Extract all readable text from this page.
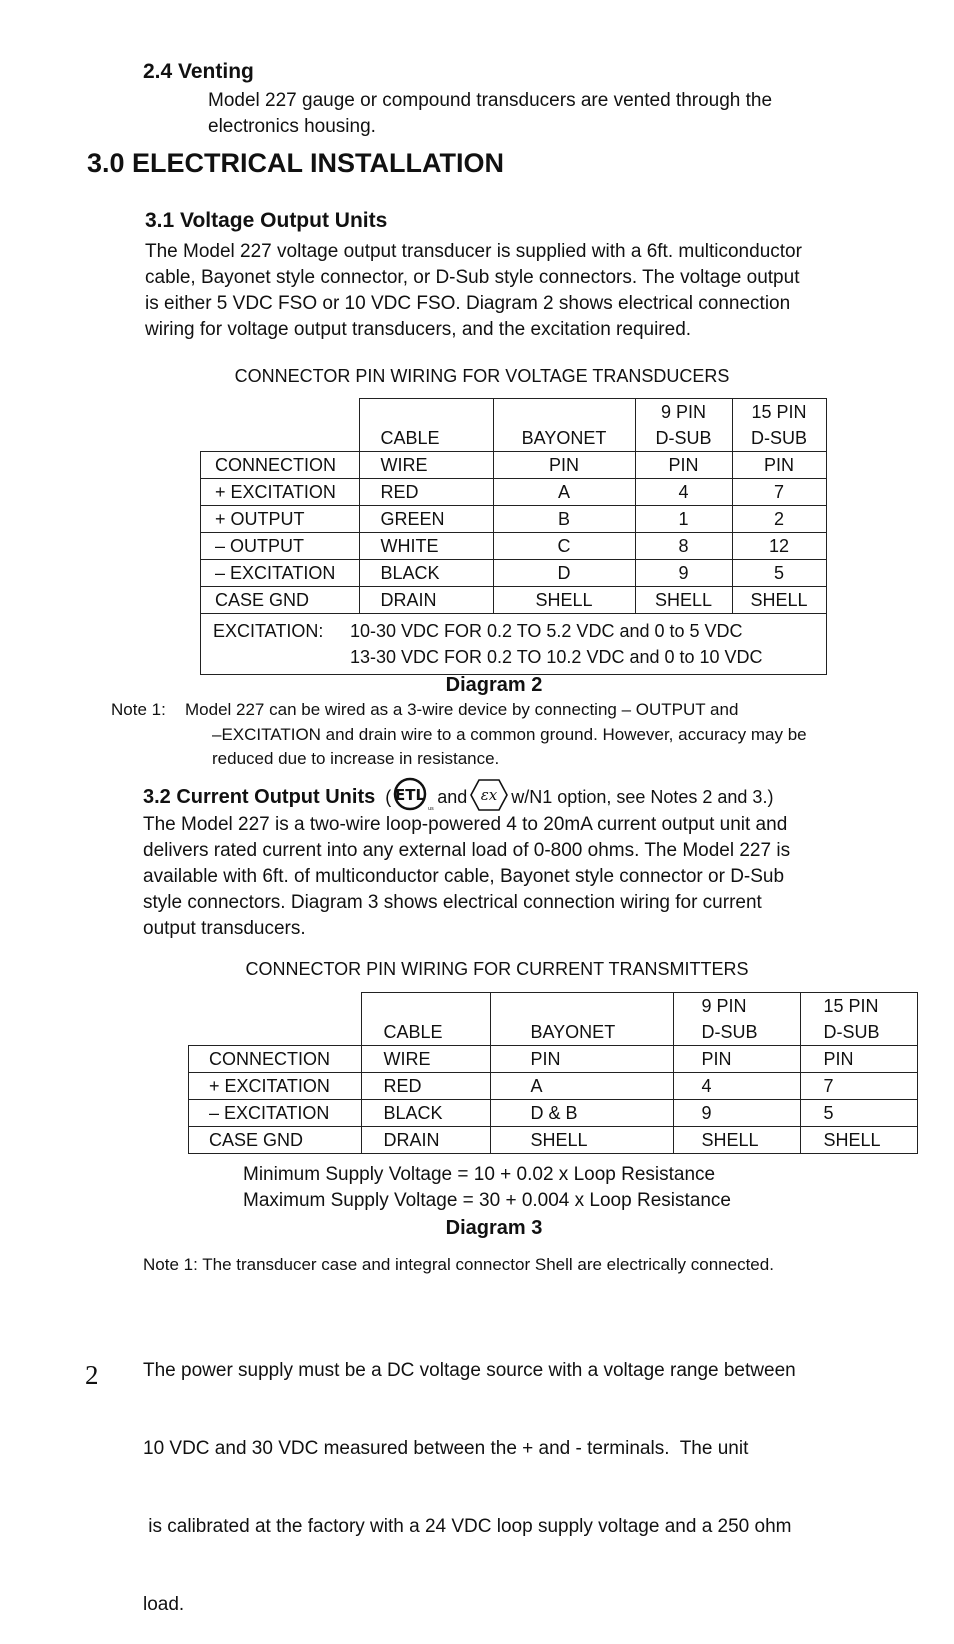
2.4 Venting
Model 227 gauge or compound transducers are vented through the
electronics housing.
3.0 ELECTRICAL INSTALLATION
3.1 Voltage Output Units
The Model 227 voltage output transducer is supplied with a 6ft. multiconductor
cable, Bayonet style connector, or D-Sub style connectors. The voltage output
is either 5 VDC FSO or 10 VDC FSO. Diagram 2 shows electrical connection
wiring for voltage output transducers, and the excitation required.
CONNECTOR PIN WIRING FOR VOLTAGE TRANSDUCERS
			9 PIN	15 PIN
	CABLE	BAYONET	D-SUB	D-SUB
CONNECTION	WIRE	PIN	PIN	PIN
+ EXCITATION	RED	A	4	7
+ OUTPUT	GREEN	B	1	2
– OUTPUT	WHITE	C	8	12
– EXCITATION	BLACK	D	9	5
CASE GND	DRAIN	SHELL	SHELL	SHELL

EXCITATION: 10-30 VDC FOR 0.2 TO 5.2 VDC and 0 to 5 VDC
13-30 VDC FOR 0.2 TO 10.2 VDC and 0 to 10 VDC				
Diagram 2
Note 1:	Model 227 can be wired as a 3-wire device by connecting – OUTPUT and
–EXCITATION and drain wire to a common ground. However, accuracy may be
reduced due to increase in resistance.
3.2 Current Output Units ( ETL
us
and εx w/N1 option, see Notes 2 and 3.)
The Model 227 is a two-wire loop-powered 4 to 20mA current output unit and
delivers rated current into any external load of 0-800 ohms. The Model 227 is
available with 6ft. of multiconductor cable, Bayonet style connector or D-Sub
style connectors. Diagram 3 shows electrical connection wiring for current
output transducers.
CONNECTOR PIN WIRING FOR CURRENT TRANSMITTERS
			9 PIN	15 PIN
	CABLE	BAYONET	D-SUB	D-SUB
CONNECTION	WIRE	PIN	PIN	PIN
+ EXCITATION	RED	A	4	7
– EXCITATION	BLACK	D & B	9	5
CASE GND	DRAIN	SHELL	SHELL	SHELL
Minimum Supply Voltage = 10 + 0.02 x Loop Resistance
Maximum Supply Voltage = 30 + 0.004 x Loop Resistance
Diagram 3
Note 1: The transducer case and integral connector Shell are electrically connected.

The power supply must be a DC voltage source with a voltage range between

10 VDC and 30 VDC measured between the + and - terminals.  The unit

is calibrated at the factory with a 24 VDC loop supply voltage and a 250 ohm

load.

2
